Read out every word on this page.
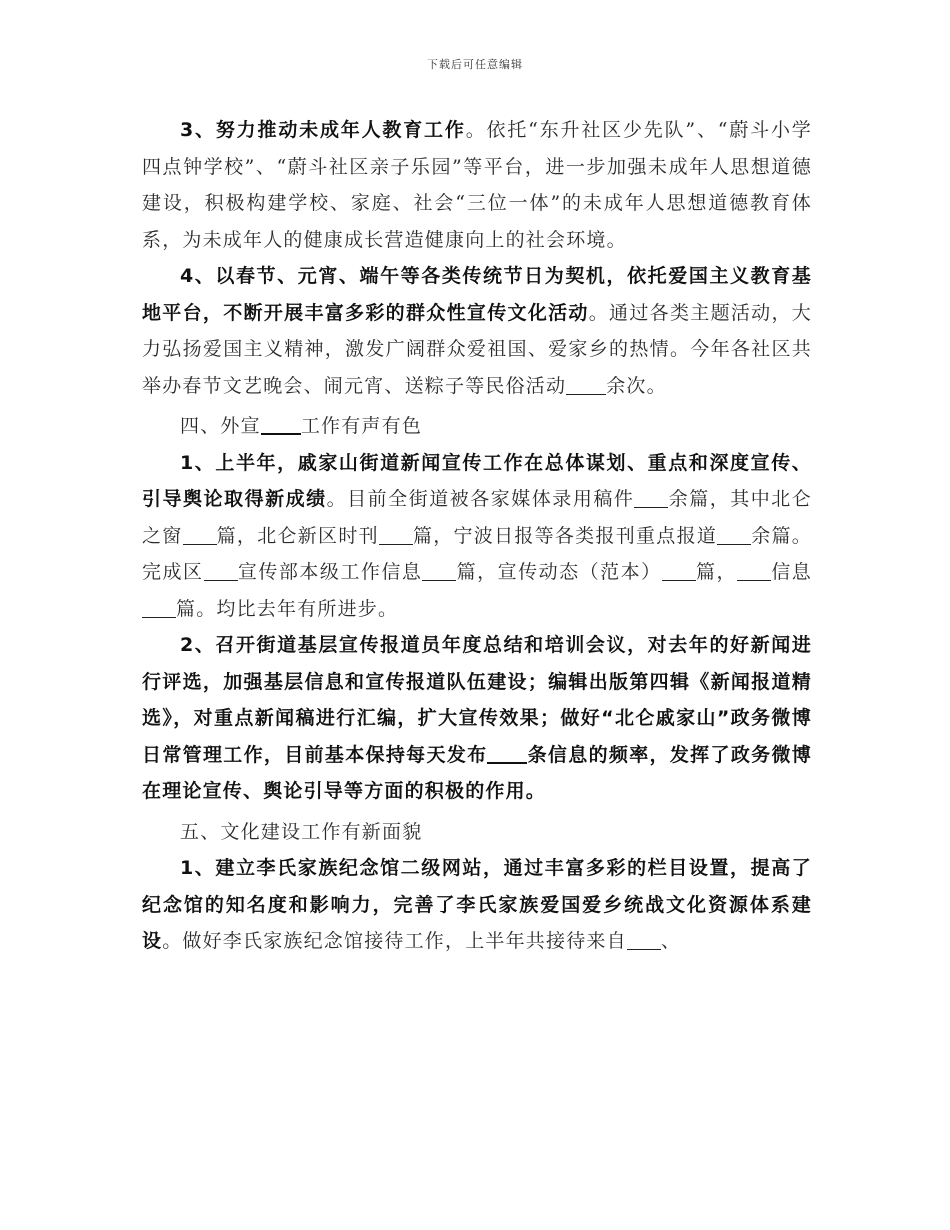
下载后可任意编辑

3、努力推动未成年人教育工作。依托“东升社区少先队”、“蔚斗小学四点钟学校”、“蔚斗社区亲子乐园”等平台，进一步加强未成年人思想道德建设，积极构建学校、家庭、社会“三位一体”的未成年人思想道德教育体系，为未成年人的健康成长营造健康向上的社会环境。

4、以春节、元宵、端午等各类传统节日为契机，依托爱国主义教育基地平台，不断开展丰富多彩的群众性宣传文化活动。通过各类主题活动，大力弘扬爱国主义精神，激发广阔群众爱祖国、爱家乡的热情。今年各社区共举办春节文艺晚会、闹元宵、送粽子等民俗活动 余次。

四、外宣 工作有声有色

1、上半年，戚家山街道新闻宣传工作在总体谋划、重点和深度宣传、引导舆论取得新成绩。目前全街道被各家媒体录用稿件 余篇，其中北仑之窗 篇，北仑新区时刊 篇，宁波日报等各类报刊重点报道 余篇。完成区 宣传部本级工作信息 篇，宣传动态（范本） 篇， 信息篇。均比去年有所进步。

2、召开街道基层宣传报道员年度总结和培训会议，对去年的好新闻进行评选，加强基层信息和宣传报道队伍建设；编辑出版第四辑《新闻报道精选》，对重点新闻稿进行汇编，扩大宣传效果；做好“北仑戚家山”政务微博日常管理工作，目前基本保持每天发布 条信息的频率，发挥了政务微博在理论宣传、舆论引导等方面的积极的作用。

五、文化建设工作有新面貌

1、建立李氏家族纪念馆二级网站，通过丰富多彩的栏目设置，提高了纪念馆的知名度和影响力，完善了李氏家族爱国爱乡统战文化资源体系建设。做好李氏家族纪念馆接待工作，上半年共接待来自 、
